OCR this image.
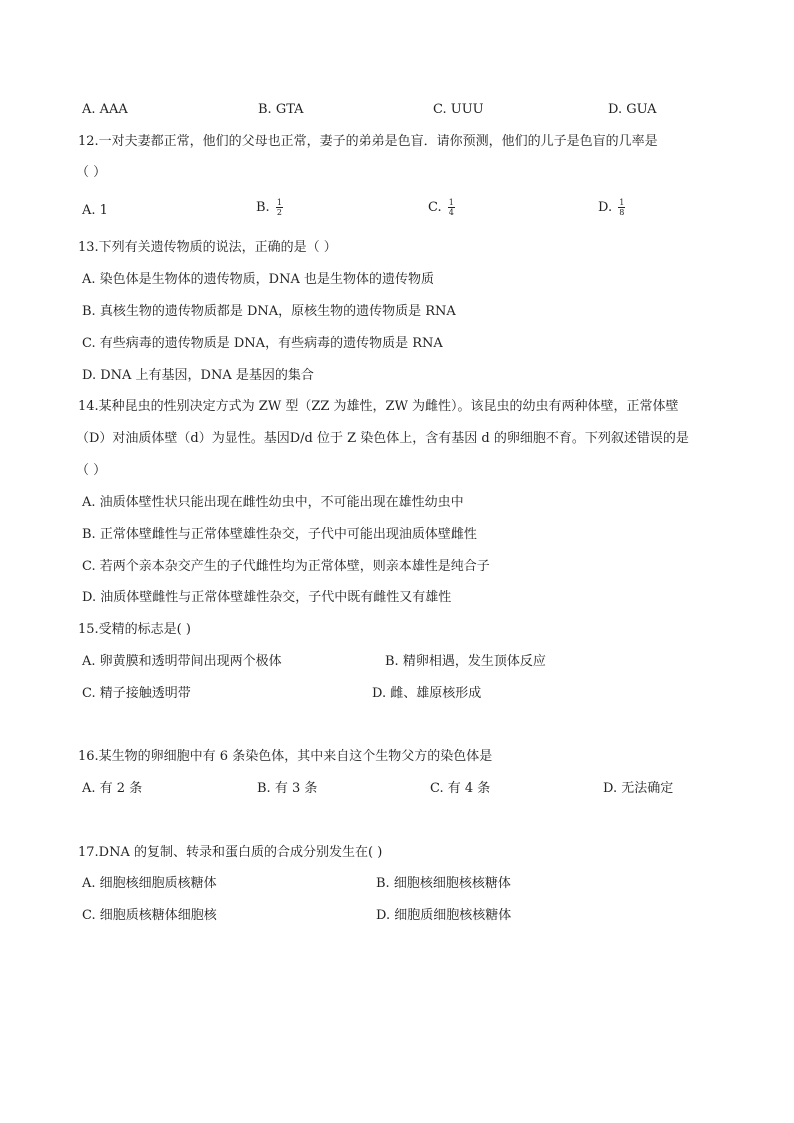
A. AAA	B. GTA	C. UUU	D. GUA
12.一对夫妻都正常，他们的父母也正常，妻子的弟弟是色盲．请你预测，他们的儿子是色盲的几率是
（ ）
A. 1	B. $\frac{1}{2}$	C. $\frac{1}{4}$	D. $\frac{1}{8}$
13.下列有关遗传物质的说法，正确的是（ ）
A. 染色体是生物体的遗传物质，DNA 也是生物体的遗传物质
B. 真核生物的遗传物质都是 DNA，原核生物的遗传物质是 RNA
C. 有些病毒的遗传物质是 DNA，有些病毒的遗传物质是 RNA
D. DNA 上有基因，DNA 是基因的集合
14.某种昆虫的性别决定方式为 ZW 型（ZZ 为雄性，ZW 为雌性）。该昆虫的幼虫有两种体壁，正常体壁
（D）对油质体壁（d）为显性。基因D/d 位于 Z 染色体上，含有基因 d 的卵细胞不育。下列叙述错误的是
（ ）
A. 油质体壁性状只能出现在雌性幼虫中，不可能出现在雄性幼虫中
B. 正常体壁雌性与正常体壁雄性杂交，子代中可能出现油质体壁雌性
C. 若两个亲本杂交产生的子代雌性均为正常体壁，则亲本雄性是纯合子
D. 油质体壁雌性与正常体壁雄性杂交，子代中既有雌性又有雄性
15.受精的标志是( )
A. 卵黄膜和透明带间出现两个极体	B. 精卵相遇，发生顶体反应
C. 精子接触透明带	D. 雌、雄原核形成
16.某生物的卵细胞中有 6 条染色体，其中来自这个生物父方的染色体是
A. 有 2 条	B. 有 3 条	C. 有 4 条	D. 无法确定
17.DNA 的复制、转录和蛋白质的合成分别发生在( )
A. 细胞核细胞质核糖体	B. 细胞核细胞核核糖体
C. 细胞质核糖体细胞核	D. 细胞质细胞核核糖体
